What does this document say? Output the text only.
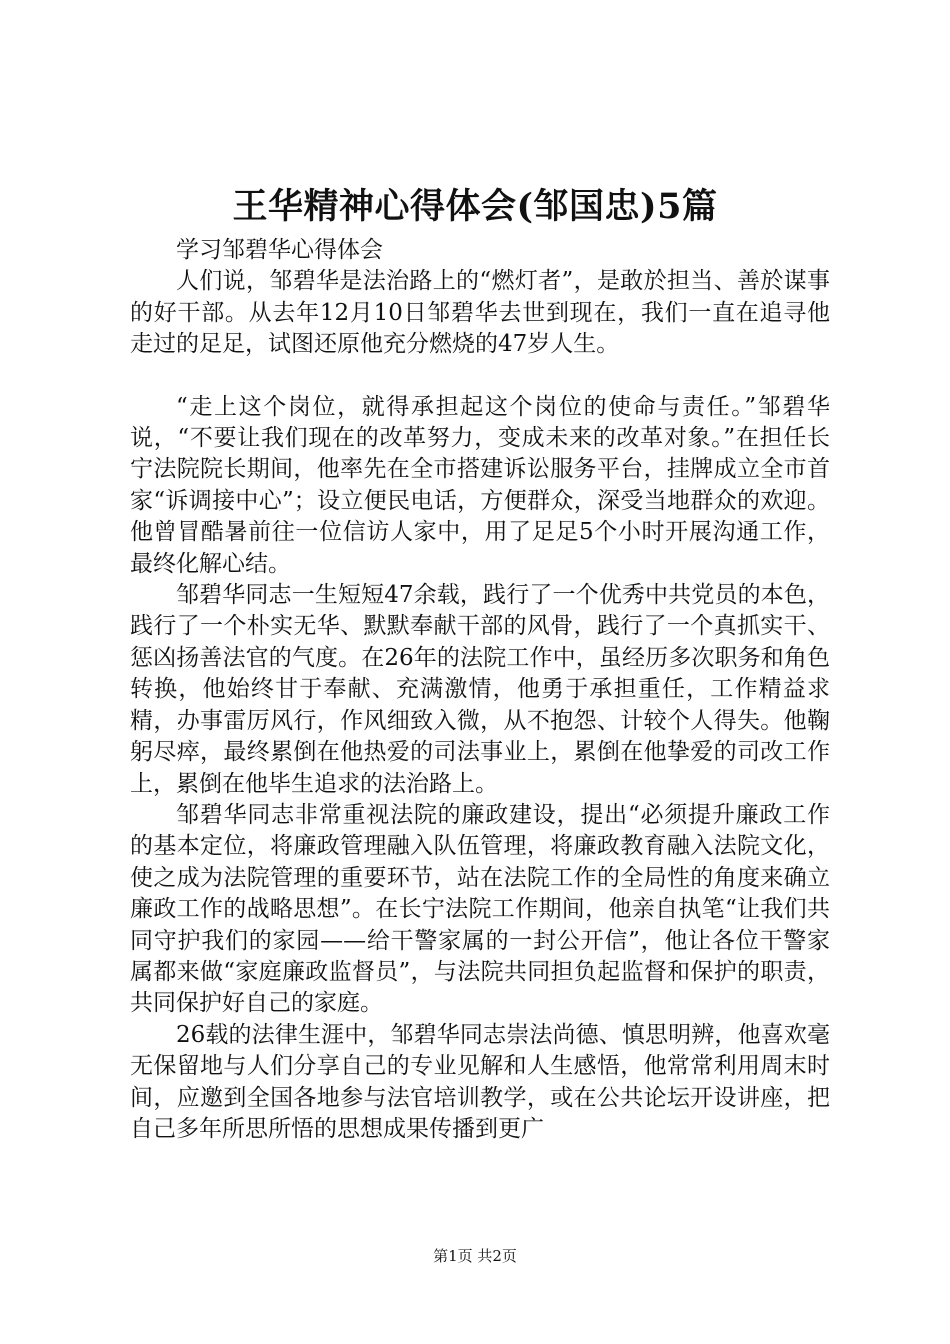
王华精神心得体会(邹国忠)5篇

学习邹碧华心得体会

人们说，邹碧华是法治路上的“燃灯者”，是敢於担当、善於谋事的好干部。从去年12月10日邹碧华去世到现在，我们一直在追寻他走过的足足，试图还原他充分燃烧的47岁人生。

“走上这个岗位，就得承担起这个岗位的使命与责任。”邹碧华说，“不要让我们现在的改革努力，变成未来的改革对象。”在担任长宁法院院长期间，他率先在全市搭建诉讼服务平台，挂牌成立全市首家“诉调接中心”；设立便民电话，方便群众，深受当地群众的欢迎。他曾冒酷暑前往一位信访人家中，用了足足5个小时开展沟通工作，最终化解心结。

邹碧华同志一生短短47余载，践行了一个优秀中共党员的本色，践行了一个朴实无华、默默奉献干部的风骨，践行了一个真抓实干、惩凶扬善法官的气度。在26年的法院工作中，虽经历多次职务和角色转换，他始终甘于奉献、充满激情，他勇于承担重任，工作精益求精，办事雷厉风行，作风细致入微，从不抱怨、计较个人得失。他鞠躬尽瘁，最终累倒在他热爱的司法事业上，累倒在他挚爱的司改工作上，累倒在他毕生追求的法治路上。

邹碧华同志非常重视法院的廉政建设，提出“必须提升廉政工作的基本定位，将廉政管理融入队伍管理，将廉政教育融入法院文化，使之成为法院管理的重要环节，站在法院工作的全局性的角度来确立廉政工作的战略思想”。在长宁法院工作期间，他亲自执笔“让我们共同守护我们的家园——给干警家属的一封公开信”，他让各位干警家属都来做“家庭廉政监督员”，与法院共同担负起监督和保护的职责，共同保护好自己的家庭。

26载的法律生涯中，邹碧华同志崇法尚德、慎思明辨，他喜欢毫无保留地与人们分享自己的专业见解和人生感悟，他常常利用周末时间，应邀到全国各地参与法官培训教学，或在公共论坛开设讲座，把自己多年所思所悟的思想成果传播到更广

第1页 共2页
